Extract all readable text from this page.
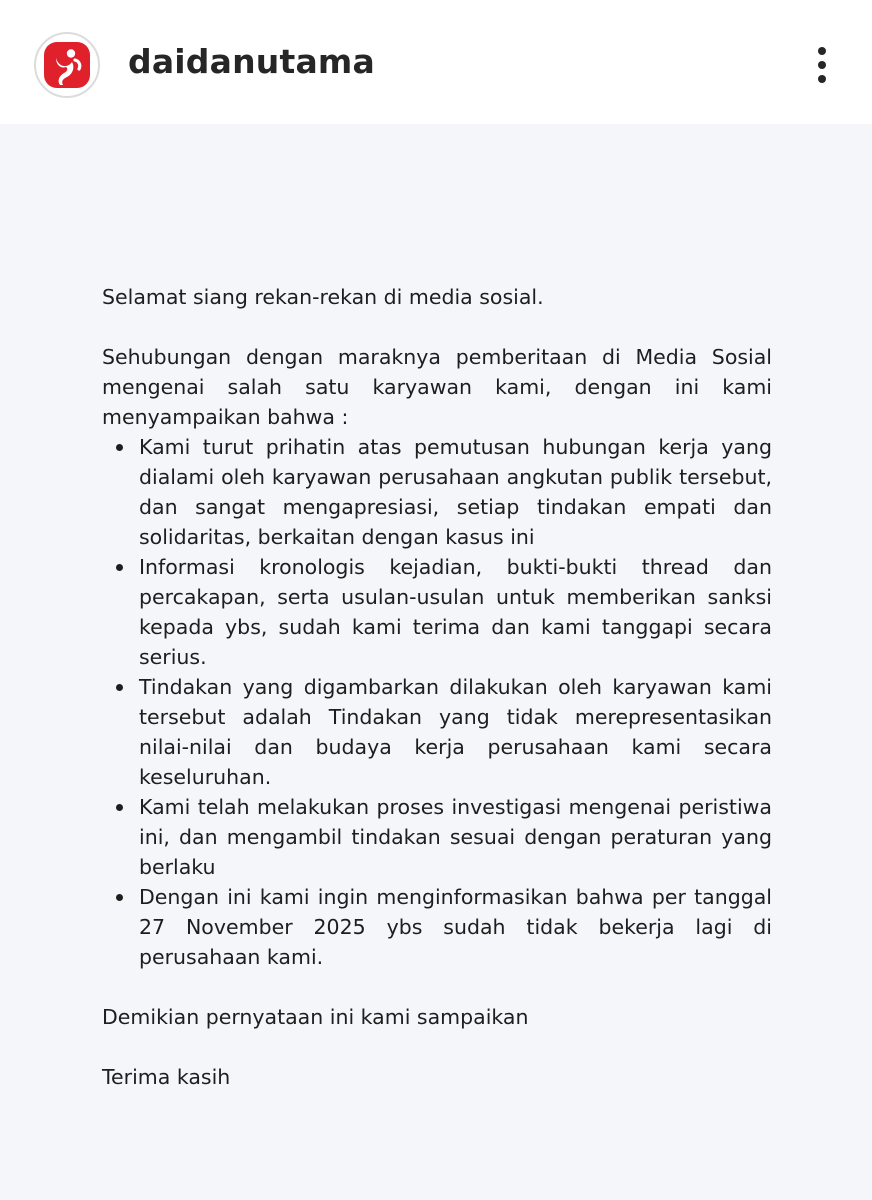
daidanutama

Selamat siang rekan-rekan di media sosial.

Sehubungan dengan maraknya pemberitaan di Media Sosial mengenai salah satu karyawan kami, dengan ini kami menyampaikan bahwa :

Kami turut prihatin atas pemutusan hubungan kerja yang dialami oleh karyawan perusahaan angkutan publik tersebut, dan sangat mengapresiasi, setiap tindakan empati dan solidaritas, berkaitan dengan kasus ini
Informasi kronologis kejadian, bukti-bukti thread dan percakapan, serta usulan-usulan untuk memberikan sanksi kepada ybs, sudah kami terima dan kami tanggapi secara serius.
Tindakan yang digambarkan dilakukan oleh karyawan kami tersebut adalah Tindakan yang tidak merepresentasikan nilai-nilai dan budaya kerja perusahaan kami secara keseluruhan.
Kami telah melakukan proses investigasi mengenai peristiwa ini, dan mengambil tindakan sesuai dengan peraturan yang berlaku
Dengan ini kami ingin menginformasikan bahwa per tanggal 27 November 2025 ybs sudah tidak bekerja lagi di perusahaan kami.

Demikian pernyataan ini kami sampaikan

Terima kasih
